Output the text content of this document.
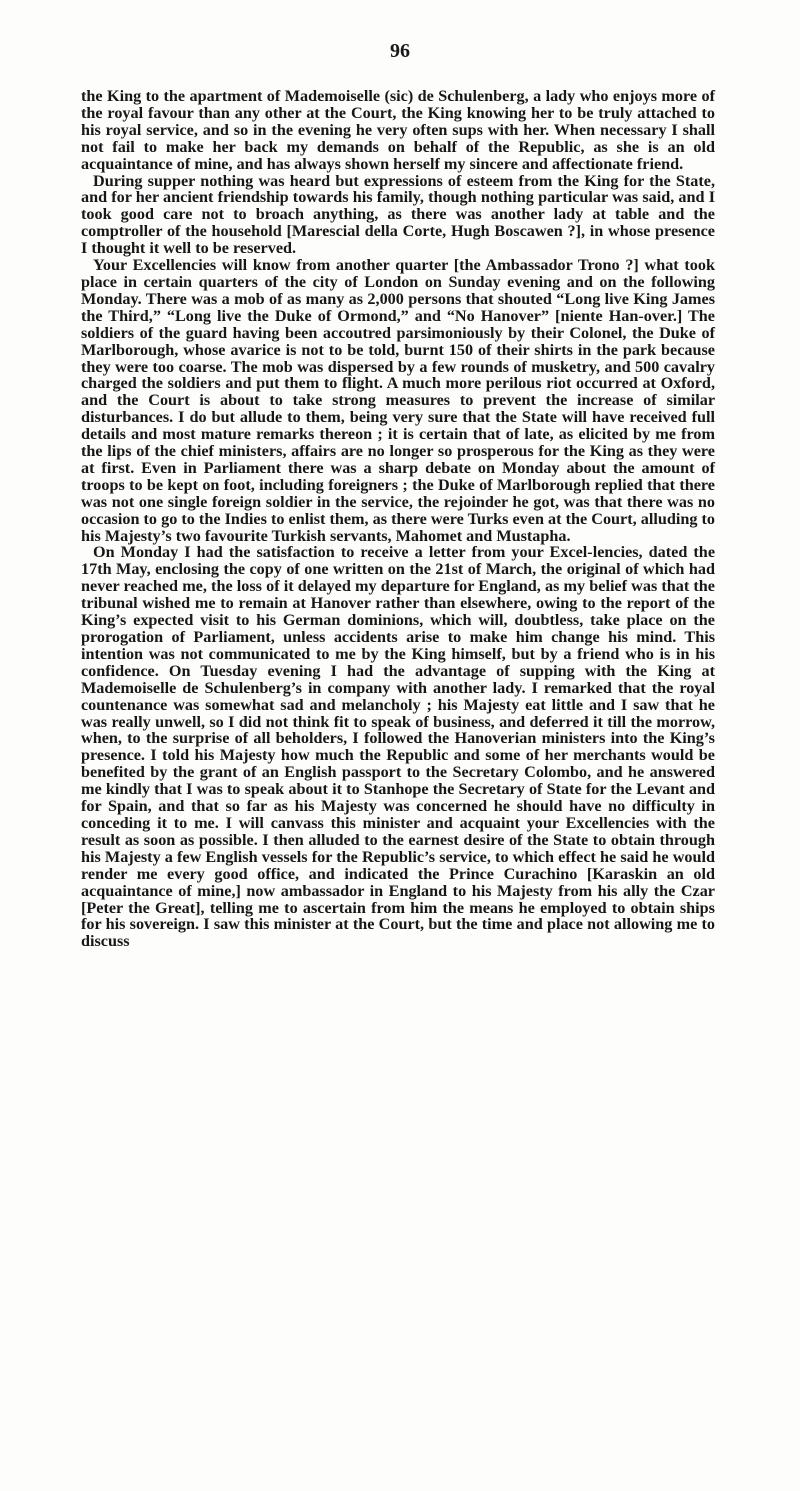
96

the King to the apartment of Mademoiselle (sic) de Schulenberg, a lady who enjoys more of the royal favour than any other at the Court, the King knowing her to be truly attached to his royal service, and so in the evening he very often sups with her. When necessary I shall not fail to make her back my demands on behalf of the Republic, as she is an old acquaintance of mine, and has always shown herself my sincere and affectionate friend.

During supper nothing was heard but expressions of esteem from the King for the State, and for her ancient friendship towards his family, though nothing particular was said, and I took good care not to broach anything, as there was another lady at table and the comptroller of the household [Marescial della Corte, Hugh Boscawen ?], in whose presence I thought it well to be reserved.

Your Excellencies will know from another quarter [the Ambassador Trono ?] what took place in certain quarters of the city of London on Sunday evening and on the following Monday. There was a mob of as many as 2,000 persons that shouted “Long live King James the Third,” “Long live the Duke of Ormond,” and “No Hanover” [niente Han-over.] The soldiers of the guard having been accoutred parsimoniously by their Colonel, the Duke of Marlborough, whose avarice is not to be told, burnt 150 of their shirts in the park because they were too coarse. The mob was dispersed by a few rounds of musketry, and 500 cavalry charged the soldiers and put them to flight. A much more perilous riot occurred at Oxford, and the Court is about to take strong measures to prevent the increase of similar disturbances. I do but allude to them, being very sure that the State will have received full details and most mature remarks thereon ; it is certain that of late, as elicited by me from the lips of the chief ministers, affairs are no longer so prosperous for the King as they were at first. Even in Parliament there was a sharp debate on Monday about the amount of troops to be kept on foot, including foreigners ; the Duke of Marlborough replied that there was not one single foreign soldier in the service, the rejoinder he got, was that there was no occasion to go to the Indies to enlist them, as there were Turks even at the Court, alluding to his Majesty’s two favourite Turkish servants, Mahomet and Mustapha.

On Monday I had the satisfaction to receive a letter from your Excel-lencies, dated the 17th May, enclosing the copy of one written on the 21st of March, the original of which had never reached me, the loss of it delayed my departure for England, as my belief was that the tribunal wished me to remain at Hanover rather than elsewhere, owing to the report of the King’s expected visit to his German dominions, which will, doubtless, take place on the prorogation of Parliament, unless accidents arise to make him change his mind. This intention was not communicated to me by the King himself, but by a friend who is in his confidence. On Tuesday evening I had the advantage of supping with the King at Mademoiselle de Schulenberg’s in company with another lady. I remarked that the royal countenance was somewhat sad and melancholy ; his Majesty eat little and I saw that he was really unwell, so I did not think fit to speak of business, and deferred it till the morrow, when, to the surprise of all beholders, I followed the Hanoverian ministers into the King’s presence. I told his Majesty how much the Republic and some of her merchants would be benefited by the grant of an English passport to the Secretary Colombo, and he answered me kindly that I was to speak about it to Stanhope the Secretary of State for the Levant and for Spain, and that so far as his Majesty was concerned he should have no difficulty in conceding it to me. I will canvass this minister and acquaint your Excellencies with the result as soon as possible. I then alluded to the earnest desire of the State to obtain through his Majesty a few English vessels for the Republic’s service, to which effect he said he would render me every good office, and indicated the Prince Curachino [Karaskin an old acquaintance of mine,] now ambassador in England to his Majesty from his ally the Czar [Peter the Great], telling me to ascertain from him the means he employed to obtain ships for his sovereign. I saw this minister at the Court, but the time and place not allowing me to discuss
